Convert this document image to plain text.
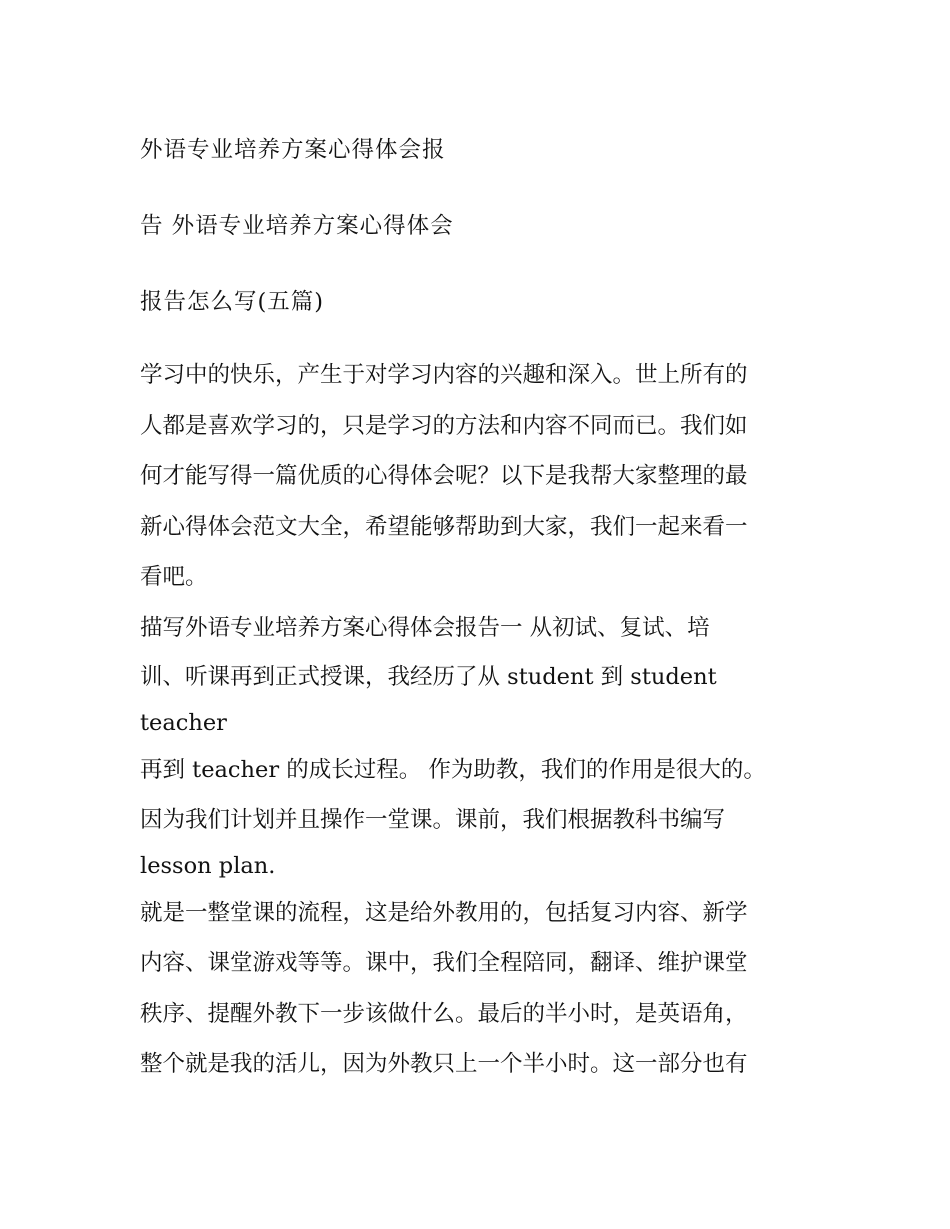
外语专业培养方案心得体会报
告 外语专业培养方案心得体会
报告怎么写(五篇)

学习中的快乐，产生于对学习内容的兴趣和深入。世上所有的
人都是喜欢学习的，只是学习的方法和内容不同而已。我们如
何才能写得一篇优质的心得体会呢？以下是我帮大家整理的最
新心得体会范文大全，希望能够帮助到大家，我们一起来看一
看吧。

描写外语专业培养方案心得体会报告一 从初试、复试、培
训、听课再到正式授课，我经历了从 student 到 student
teacher

再到 teacher 的成长过程。 作为助教，我们的作用是很大的。
因为我们计划并且操作一堂课。课前，我们根据教科书编写
lesson plan.

就是一整堂课的流程，这是给外教用的，包括复习内容、新学
内容、课堂游戏等等。课中，我们全程陪同，翻译、维护课堂
秩序、提醒外教下一步该做什么。最后的半小时，是英语角，
整个就是我的活儿，因为外教只上一个半小时。这一部分也有
